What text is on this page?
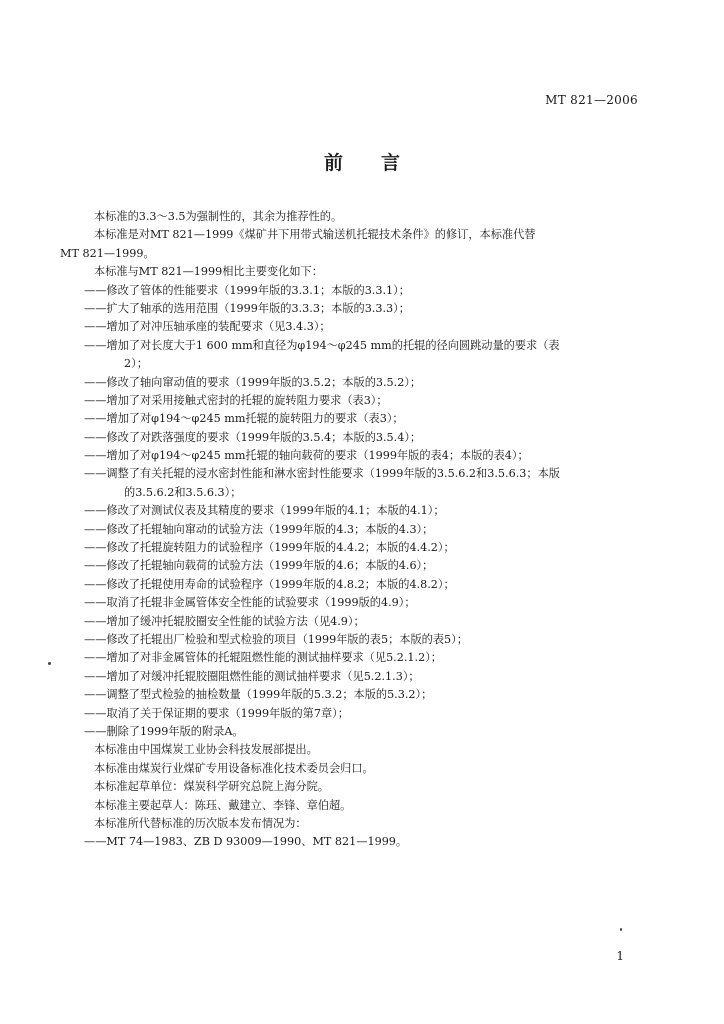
MT 821—2006
前言
本标准的3.3～3.5为强制性的，其余为推荐性的。
本标准是对MT 821—1999《煤矿井下用带式输送机托辊技术条件》的修订，本标准代替
MT 821—1999。
本标准与MT 821—1999相比主要变化如下：
——修改了管体的性能要求（1999年版的3.3.1；本版的3.3.1）；
——扩大了轴承的选用范围（1999年版的3.3.3；本版的3.3.3）；
——增加了对冲压轴承座的装配要求（见3.4.3）；
——增加了对长度大于1 600 mm和直径为φ194～φ245 mm的托辊的径向圆跳动量的要求（表
2）；
——修改了轴向窜动值的要求（1999年版的3.5.2；本版的3.5.2）；
——增加了对采用接触式密封的托辊的旋转阻力要求（表3）；
——增加了对φ194～φ245 mm托辊的旋转阻力的要求（表3）；
——修改了对跌落强度的要求（1999年版的3.5.4；本版的3.5.4）；
——增加了对φ194～φ245 mm托辊的轴向载荷的要求（1999年版的表4；本版的表4）；
——调整了有关托辊的浸水密封性能和淋水密封性能要求（1999年版的3.5.6.2和3.5.6.3；本版
的3.5.6.2和3.5.6.3）；
——修改了对测试仪表及其精度的要求（1999年版的4.1；本版的4.1）；
——修改了托辊轴向窜动的试验方法（1999年版的4.3；本版的4.3）；
——修改了托辊旋转阻力的试验程序（1999年版的4.4.2；本版的4.4.2）；
——修改了托辊轴向载荷的试验方法（1999年版的4.6；本版的4.6）；
——修改了托辊使用寿命的试验程序（1999年版的4.8.2；本版的4.8.2）；
——取消了托辊非金属管体安全性能的试验要求（1999版的4.9）；
——增加了缓冲托辊胶圈安全性能的试验方法（见4.9）；
——修改了托辊出厂检验和型式检验的项目（1999年版的表5；本版的表5）；
——增加了对非金属管体的托辊阻燃性能的测试抽样要求（见5.2.1.2）；
——增加了对缓冲托辊胶圈阻燃性能的测试抽样要求（见5.2.1.3）；
——调整了型式检验的抽检数量（1999年版的5.3.2；本版的5.3.2）；
——取消了关于保证期的要求（1999年版的第7章）；
——删除了1999年版的附录A。
本标准由中国煤炭工业协会科技发展部提出。
本标准由煤炭行业煤矿专用设备标准化技术委员会归口。
本标准起草单位：煤炭科学研究总院上海分院。
本标准主要起草人：陈珏、戴建立、李锋、章伯超。
本标准所代替标准的历次版本发布情况为：
——MT 74—1983、ZB D 93009—1990、MT 821—1999。
1
